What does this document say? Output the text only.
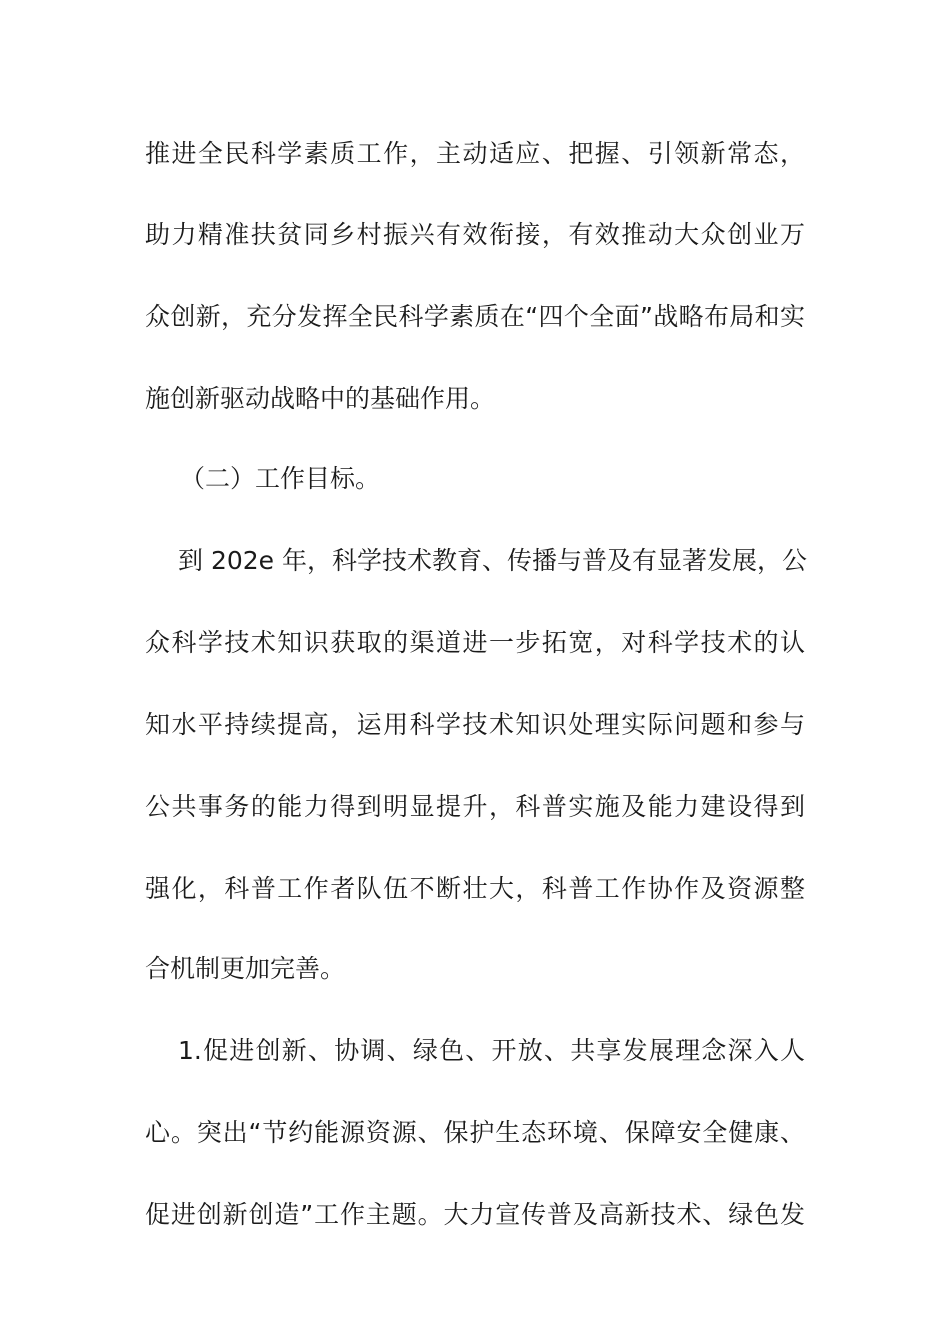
推进全民科学素质工作，主动适应、把握、引领新常态，
助力精准扶贫同乡村振兴有效衔接，有效推动大众创业万
众创新，充分发挥全民科学素质在“四个全面”战略布局和实
施创新驱动战略中的基础作用。
（二）工作目标。
到 202e 年，科学技术教育、传播与普及有显著发展，公
众科学技术知识获取的渠道进一步拓宽，对科学技术的认
知水平持续提高，运用科学技术知识处理实际问题和参与
公共事务的能力得到明显提升，科普实施及能力建设得到
强化，科普工作者队伍不断壮大，科普工作协作及资源整
合机制更加完善。
1.促进创新、协调、绿色、开放、共享发展理念深入人
心。突出“节约能源资源、保护生态环境、保障安全健康、
促进创新创造”工作主题。大力宣传普及高新技术、绿色发
